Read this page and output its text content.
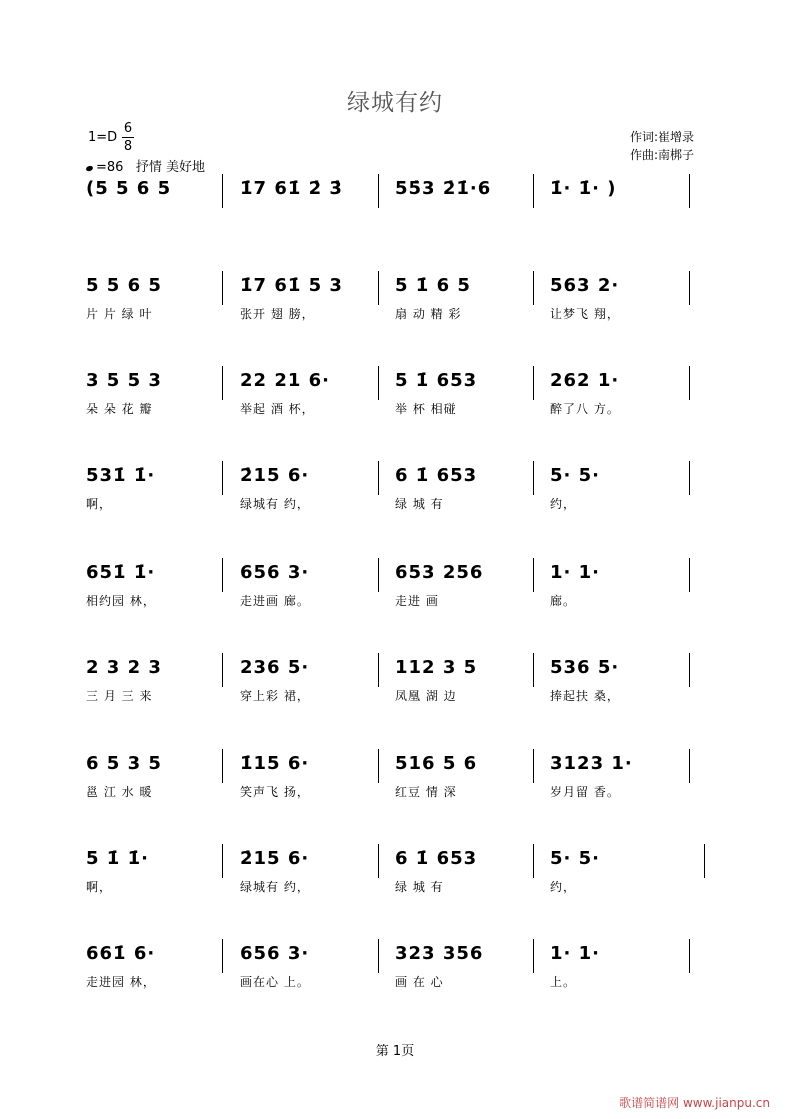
绿城有约
1=D
6
8
=86 抒情 美好地
作词:崔增录
作曲:南梆子
(5 5 6 5	1̇7 61̇ 2̇ 3̇	55̇3 2̇1̇·6	1̇· 1̇· )
5 5 6 5
片 片 绿 叶
1̇7 61̇ 5 3
张开 翅 膀，
5 1̇ 6 5
扇 动 精 彩
563 2·
让梦飞 翔，
3 5 5 3
朵 朵 花 瓣
22 21 6·
举起 酒 杯，
5 1̇ 653
举 杯 相碰
262 1·
醉了八 方。
531̇ 1̇·
啊，
2̇15 6·
绿城有 约，
6 1̇ 653
绿 城 有
5· 5·
约，
651̇ 1̇·
相约园 林，
656 3·
走进画 廊。
653 256
走进 画
1· 1·
廊。
2 3 2 3
三 月 三 来
236 5·
穿上彩 裙，
112 3 5
凤凰 湖 边
536 5·
捧起扶 桑，
6 5 3 5
邕 江 水 暖
1̇15 6·
笑声飞 扬，
516 5 6
红豆 情 深
3123 1·
岁月留 香。
5 1̇ 1̇·
啊，
2̇15 6·
绿城有 约，
6 1̇ 653
绿 城 有
5· 5·
约，
661̇ 6·
走进园 林，
656 3·
画在心 上。
323 356
画 在 心
1· 1·
上。
第 1页
歌谱简谱网 www.jianpu.cn
